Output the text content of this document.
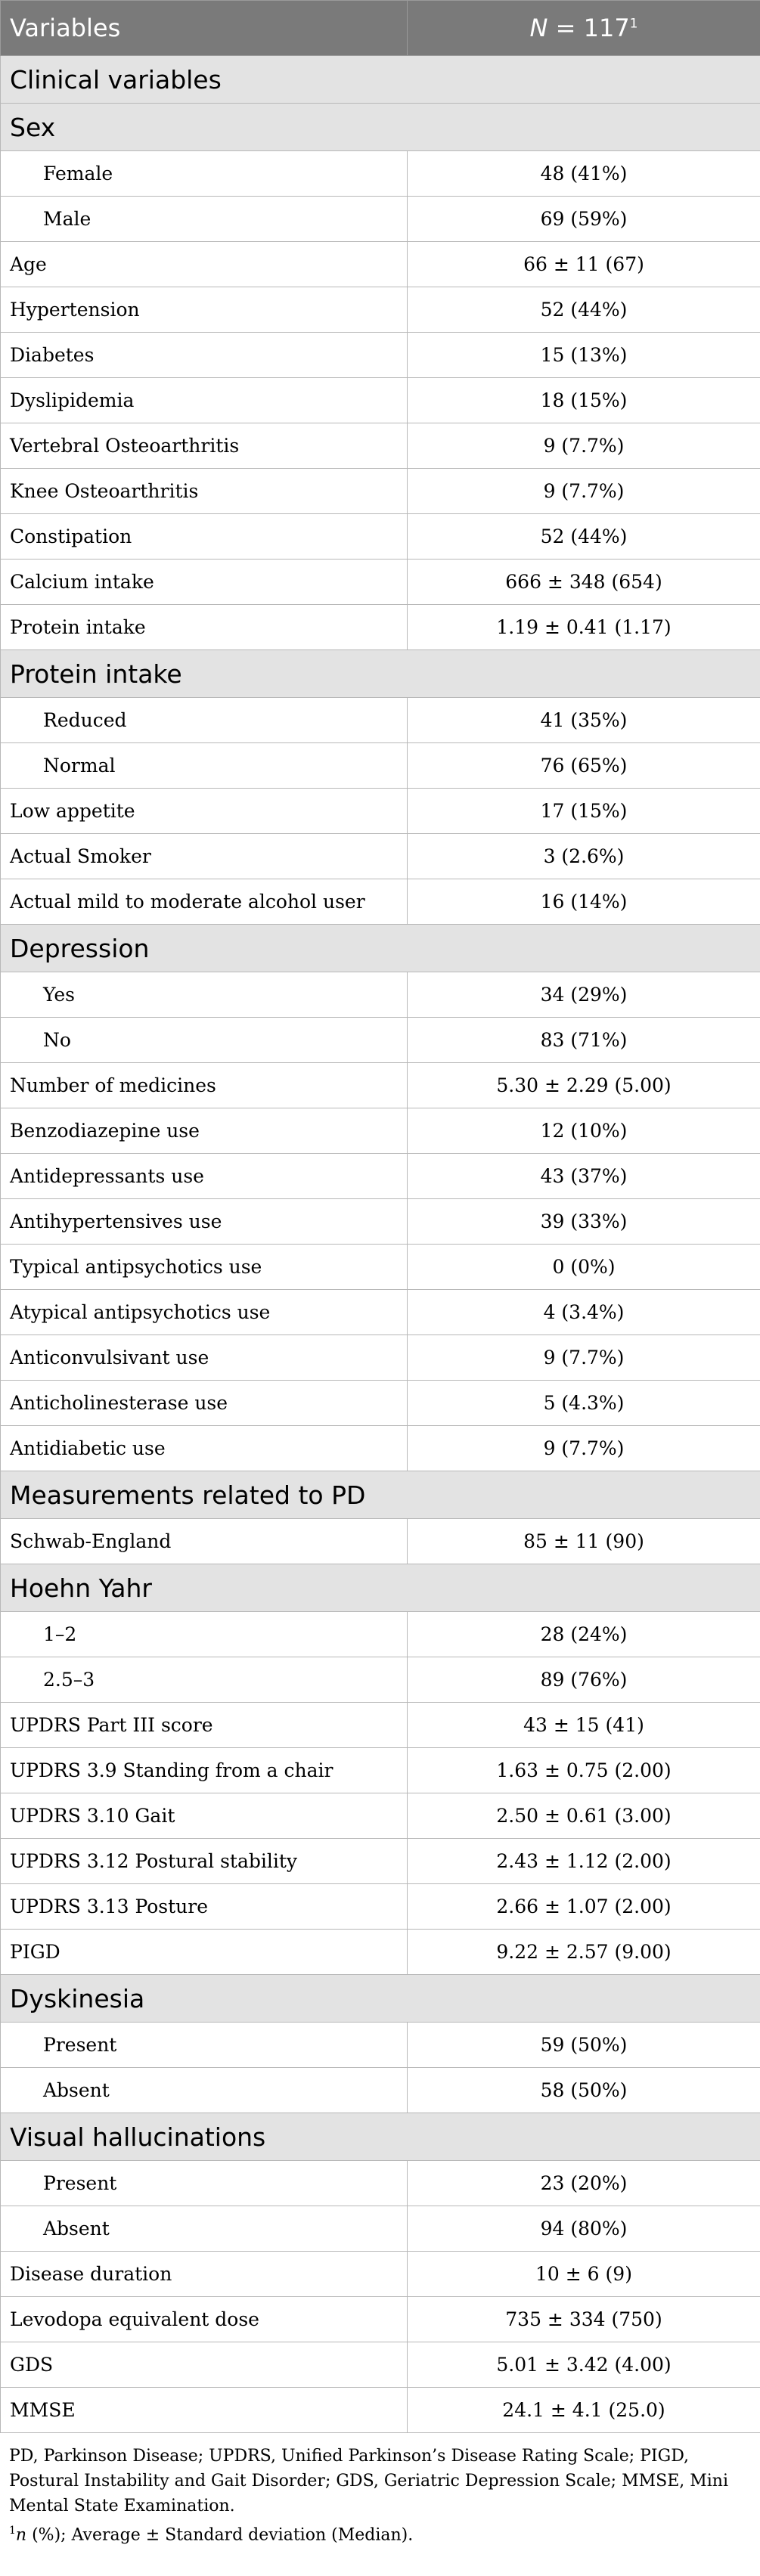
Variables	$N = 117^1$
Clinical variables	
Sex	
Female	48 (41%)
Male	69 (59%)
Age	66 ± 11 (67)
Hypertension	52 (44%)
Diabetes	15 (13%)
Dyslipidemia	18 (15%)
Vertebral Osteoarthritis	9 (7.7%)
Knee Osteoarthritis	9 (7.7%)
Constipation	52 (44%)
Calcium intake	666 ± 348 (654)
Protein intake	1.19 ± 0.41 (1.17)
Protein intake	
Reduced	41 (35%)
Normal	76 (65%)
Low appetite	17 (15%)
Actual Smoker	3 (2.6%)
Actual mild to moderate alcohol user	16 (14%)
Depression	
Yes	34 (29%)
No	83 (71%)
Number of medicines	5.30 ± 2.29 (5.00)
Benzodiazepine use	12 (10%)
Antidepressants use	43 (37%)
Antihypertensives use	39 (33%)
Typical antipsychotics use	0 (0%)
Atypical antipsychotics use	4 (3.4%)
Anticonvulsivant use	9 (7.7%)
Anticholinesterase use	5 (4.3%)
Antidiabetic use	9 (7.7%)
Measurements related to PD	
Schwab-England	85 ± 11 (90)
Hoehn Yahr	
1–2	28 (24%)
2.5–3	89 (76%)
UPDRS Part III score	43 ± 15 (41)
UPDRS 3.9 Standing from a chair	1.63 ± 0.75 (2.00)
UPDRS 3.10 Gait	2.50 ± 0.61 (3.00)
UPDRS 3.12 Postural stability	2.43 ± 1.12 (2.00)
UPDRS 3.13 Posture	2.66 ± 1.07 (2.00)
PIGD	9.22 ± 2.57 (9.00)
Dyskinesia	
Present	59 (50%)
Absent	58 (50%)
Visual hallucinations	
Present	23 (20%)
Absent	94 (80%)
Disease duration	10 ± 6 (9)
Levodopa equivalent dose	735 ± 334 (750)
GDS	5.01 ± 3.42 (4.00)
MMSE	24.1 ± 4.1 (25.0)

PD, Parkinson Disease; UPDRS, Unified Parkinson’s Disease Rating Scale; PIGD, Postural Instability and Gait Disorder; GDS, Geriatric Depression Scale; MMSE, Mini Mental State Examination.

$^1$n (%); Average ± Standard deviation (Median).
